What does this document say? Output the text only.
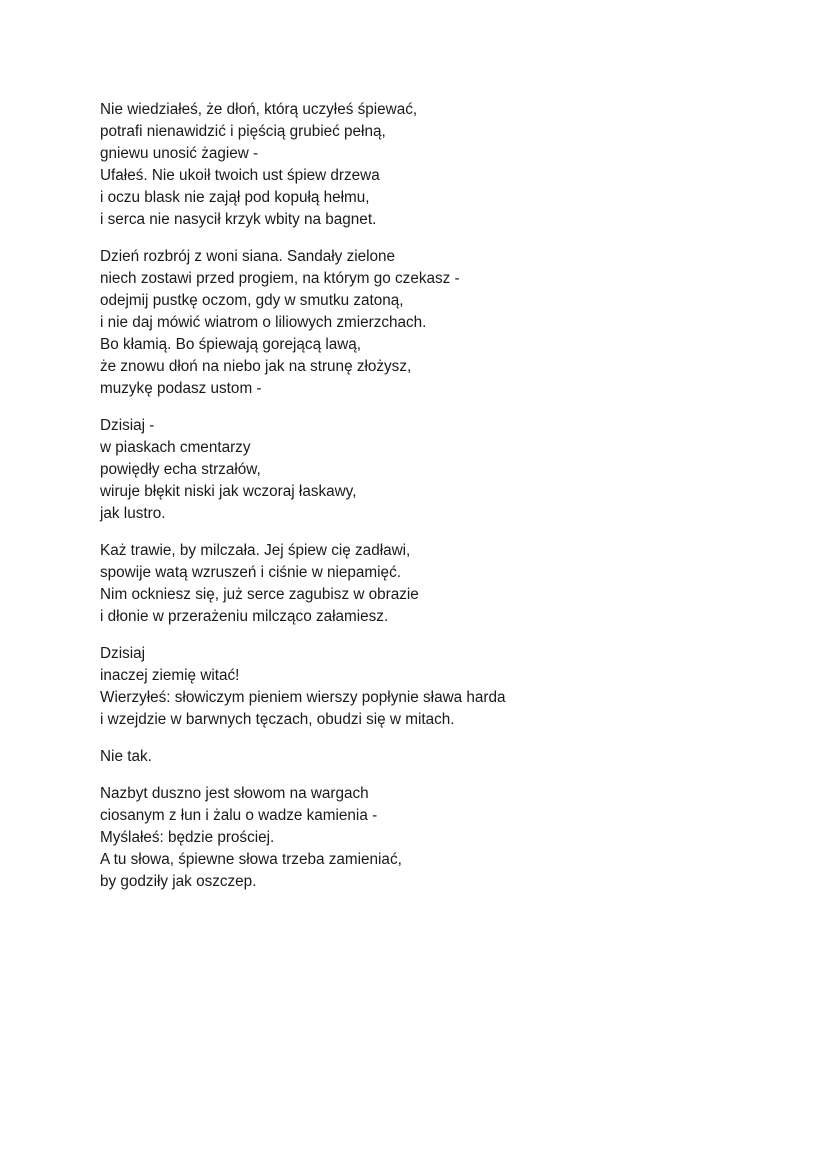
Nie wiedziałeś, że dłoń, którą uczyłeś śpiewać,
potrafi nienawidzić i pięścią grubieć pełną,
gniewu unosić żagiew -
Ufałeś. Nie ukoił twoich ust śpiew drzewa
i oczu blask nie zajął pod kopułą hełmu,
i serca nie nasycił krzyk wbity na bagnet.
Dzień rozbrój z woni siana. Sandały zielone
niech zostawi przed progiem, na którym go czekasz -
odejmij pustkę oczom, gdy w smutku zatoną,
i nie daj mówić wiatrom o liliowych zmierzchach.
Bo kłamią. Bo śpiewają gorejącą lawą,
że znowu dłoń na niebo jak na strunę złożysz,
muzykę podasz ustom -
Dzisiaj -
w piaskach cmentarzy
powiędły echa strzałów,
wiruje błękit niski jak wczoraj łaskawy,
jak lustro.
Każ trawie, by milczała. Jej śpiew cię zadławi,
spowije watą wzruszeń i ciśnie w niepamięć.
Nim ockniesz się, już serce zagubisz w obrazie
i dłonie w przerażeniu milcząco załamiesz.
Dzisiaj
inaczej ziemię witać!
Wierzyłeś: słowiczym pieniem wierszy popłynie sława harda
i wzejdzie w barwnych tęczach, obudzi się w mitach.
Nie tak.
Nazbyt duszno jest słowom na wargach
ciosanym z łun i żalu o wadze kamienia -
Myślałeś: będzie prościej.
A tu słowa, śpiewne słowa trzeba zamieniać,
by godziły jak oszczep.
